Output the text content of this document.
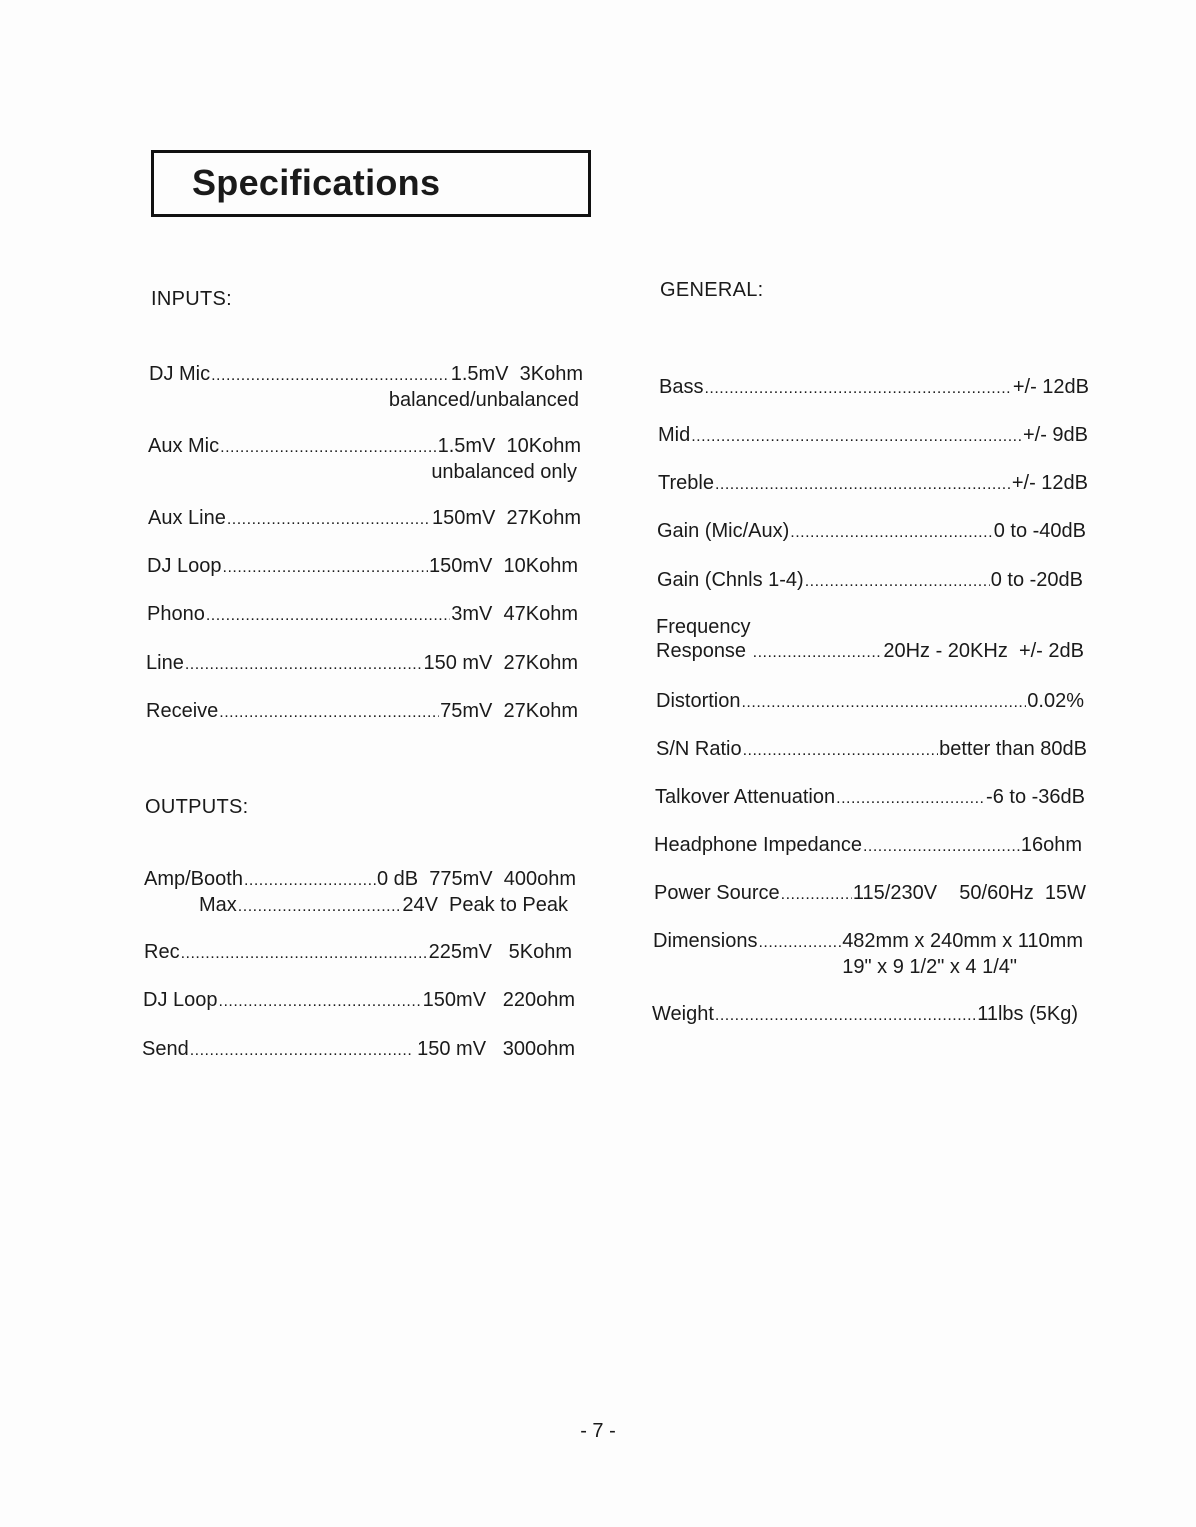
Specifications
INPUTS:
DJ Mic .....	1.5mV  3Kohm
balanced/unbalanced
Aux Mic .....	1.5mV  10Kohm
unbalanced only
Aux Line .....	150mV  27Kohm
DJ Loop .....	150mV  10Kohm
Phono .....	3mV  47Kohm
Line .....	150 mV  27Kohm
Receive .....	75mV  27Kohm
OUTPUTS:
Amp/Booth .....	0 dB  775mV  400ohm
Max .....	24V  Peak to Peak
Rec .....	225mV   5Kohm
DJ Loop .....	150mV   220ohm
Send .....	150 mV   300ohm
GENERAL:
Bass .....	+/- 12dB
Mid .....	+/- 9dB
Treble .....	+/- 12dB
Gain (Mic/Aux) .....	0 to -40dB
Gain (Chnls 1-4) .....	0 to -20dB
Frequency
Response .....	20Hz - 20KHz  +/- 2dB
Distortion .....	0.02%
S/N Ratio .....	better than 80dB
Talkover Attenuation .....	-6 to -36dB
Headphone Impedance .....	16ohm
Power Source .....	115/230V    50/60Hz  15W
Dimensions .....	482mm x 240mm x 110mm
19" x 9 1/2" x 4 1/4"
Weight .....	11lbs (5Kg)
- 7 -
